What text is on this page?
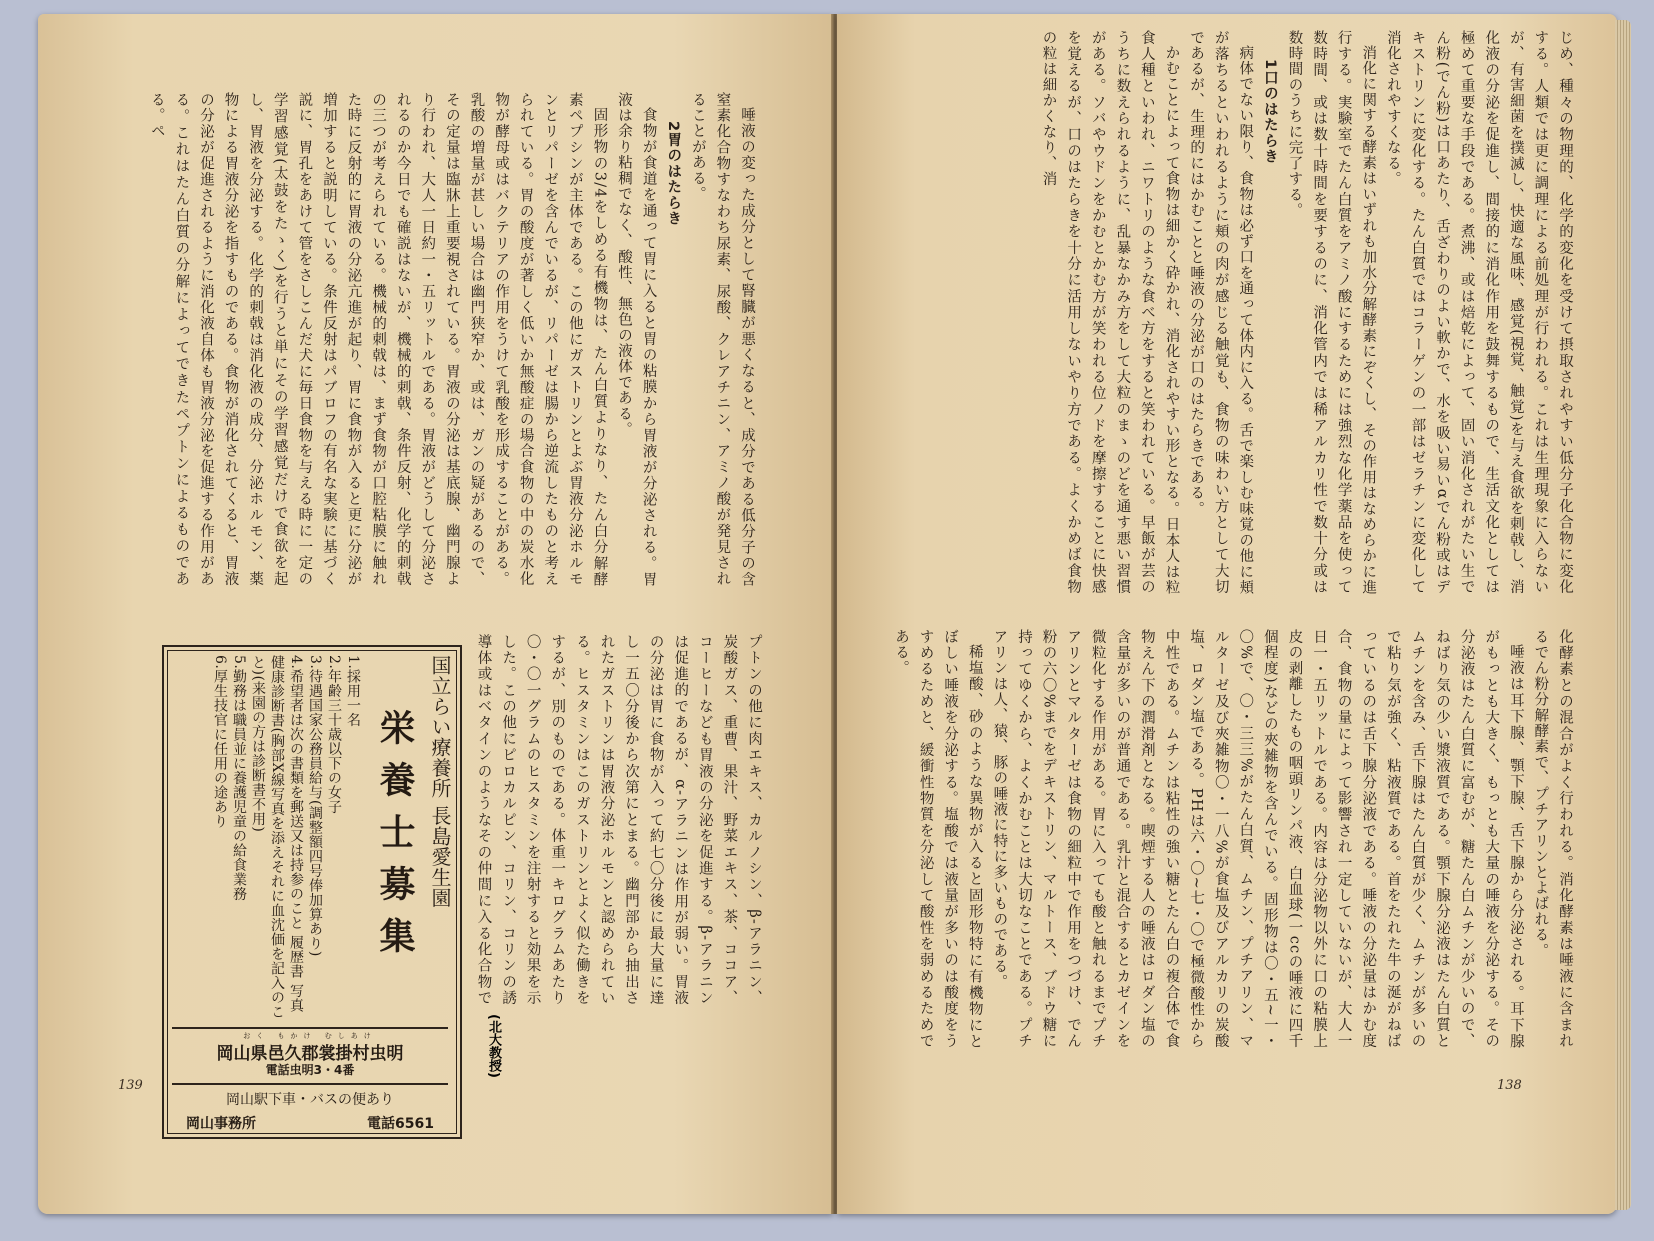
唾液の変った成分として腎臓が悪くなると、成分である低分子の含窒素化合物すなわち尿素、尿酸、クレアチニン、アミノ酸が発見されることがある。

2胃のはたらき

食物が食道を通って胃に入ると胃の粘膜から胃液が分泌される。胃液は余り粘稠でなく、酸性、無色の液体である。

固形物の3/4をしめる有機物は、たん白質よりなり、たん白分解酵素ペプシンが主体である。この他にガストリンとよぶ胃液分泌ホルモンとリパーゼを含んでいるが、リパーゼは腸から逆流したものと考えられている。胃の酸度が著しく低いか無酸症の場合食物の中の炭水化物が酵母或はバクテリアの作用をうけて乳酸を形成することがある。乳酸の増量が甚しい場合は幽門狭窄か、或は、ガンの疑があるので、その定量は臨牀上重要視されている。胃液の分泌は基底腺、幽門腺より行われ、大人一日約一・五リットルである。胃液がどうして分泌されるのか今日でも確説はないが、機械的刺戟、条件反射、化学的刺戟の三つが考えられている。機械的刺戟は、まず食物が口腔粘膜に触れた時に反射的に胃液の分泌亢進が起り、胃に食物が入ると更に分泌が増加すると説明している。条件反射はパブロフの有名な実験に基づく説に、胃孔をあけて管をさしこんだ犬に毎日食物を与える時に一定の学習感覚(太鼓をたゝく)を行うと単にその学習感覚だけで食欲を起し、胃液を分泌する。化学的刺戟は消化液の成分、分泌ホルモン、薬物による胃液分泌を指すものである。食物が消化されてくると、胃液の分泌が促進されるように消化液自体も胃液分泌を促進する作用がある。これはたん白質の分解によってできたペプトンによるものである。ペ

プトンの他に肉エキス、カルノシン、β-アラニン、炭酸ガス、重曹、果汁、野菜エキス、茶、ココア、コーヒーなども胃液の分泌を促進する。β-アラニンは促進的であるが、α-アラニンは作用が弱い。胃液の分泌は胃に食物が入って約七〇分後に最大量に達し一五〇分後から次第にとまる。幽門部から抽出されたガストリンは胃液分泌ホルモンと認められている。ヒスタミンはこのガストリンとよく似た働きをするが、別のものである。体重一キログラムあたり〇・〇一グラムのヒスタミンを注射すると効果を示した。この他にピロカルピン、コリン、コリンの誘導体或はベタインのようなその仲間に入る化合物で

(北大教授)
国立らい療養所 長島愛生園
栄養士募集

1.採用一名

2.年齢三十歳以下の女子

3.待遇国家公務員給与(調整額四号俸加算あり)

4.希望者は次の書類を郵送又は持参のこと 履歴書 写真 健康診断書(胸部X線写真を添えそれに血沈価を記入のこと)(来園の方は診断書不用)

5.勤務は職員並に養護児童の給食業務

6.厚生技官に任用の途あり

おく もかけ むしあけ
岡山県邑久郡裳掛村虫明
電話虫明3・4番
岡山駅下車・バスの便あり
岡山事務所	電話6561
139

じめ、種々の物理的、化学的変化を受けて摂取されやすい低分子化合物に変化する。人類では更に調理による前処理が行われる。これは生理現象に入らないが、有害細菌を撲滅し、快適な風味、感覚(視覚、触覚)を与え食欲を刺戟し、消化液の分泌を促進し、間接的に消化作用を鼓舞するもので、生活文化としては極めて重要な手段である。煮沸、或は焙乾によって、固い消化されがたい生でん粉(でん粉)は口あたり、舌ざわりのよい軟かで、水を吸い易いαでん粉或はデキストリンに変化する。たん白質ではコラーゲンの一部はゼラチンに変化して消化されやすくなる。

消化に関する酵素はいずれも加水分解酵素にぞくし、その作用はなめらかに進行する。実験室でたん白質をアミノ酸にするためには強烈な化学薬品を使って数時間、或は数十時間を要するのに、消化管内では稀アルカリ性で数十分或は数時間のうちに完了する。

1口のはたらき

病体でない限り、食物は必ず口を通って体内に入る。舌で楽しむ味覚の他に頬が落ちるといわれるように頬の肉が感じる触覚も、食物の味わい方として大切であるが、生理的にはかむことと唾液の分泌が口のはたらきである。

かむことによって食物は細かく砕かれ、消化されやすい形となる。日本人は粒食人種といわれ、ニワトリのような食べ方をすると笑われている。早飯が芸のうちに数えられるように、乱暴なかみ方をして大粒のまゝのどを通す悪い習慣がある。ソバやウドンをかむとかむ方が笑われる位ノドを摩擦することに快感を覚えるが、口のはたらきを十分に活用しないやり方である。よくかめば食物の粒は細かくなり、消

化酵素との混合がよく行われる。消化酵素は唾液に含まれるでん粉分解酵素で、プチアリンとよばれる。

唾液は耳下腺、顎下腺、舌下腺から分泌される。耳下腺がもっとも大きく、もっとも大量の唾液を分泌する。その分泌液はたん白質に富むが、糖たん白ムチンが少いので、ねばり気の少い漿液質である。顎下腺分泌液はたん白質とムチンを含み、舌下腺はたん白質が少く、ムチンが多いので粘り気が強く、粘液質である。首をたれた牛の涎がねばっているのは舌下腺分泌液である。唾液の分泌量はかむ度合、食物の量によって影響され一定していないが、大人一日一・五リットルである。内容は分泌物以外に口の粘膜上皮の剥離したもの咽頭リンパ液、白血球(一ccの唾液に四千個程度)などの夾雑物を含んでいる。固形物は〇・五~一・〇%で、〇・三三%がたん白質、ムチン、プチアリン、マルターゼ及び夾雑物〇・一八%が食塩及びアルカリの炭酸塩、ロダン塩である。PHは六・〇~七・〇で極微酸性から中性である。ムチンは粘性の強い糖とたん白の複合体で食物えん下の潤滑剤となる。喫煙する人の唾液はロダン塩の含量が多いのが普通である。乳汁と混合するとカゼインを微粒化する作用がある。胃に入っても酸と触れるまでプチアリンとマルターゼは食物の細粒中で作用をつづけ、でん粉の六〇%までをデキストリン、マルトース、ブドウ糖に持ってゆくから、よくかむことは大切なことである。プチアリンは人、猿、豚の唾液に特に多いものである。

稀塩酸、砂のような異物が入ると固形物特に有機物にとぼしい唾液を分泌する。塩酸では液量が多いのは酸度をうすめるためと、緩衝性物質を分泌して酸性を弱めるためである。

138
